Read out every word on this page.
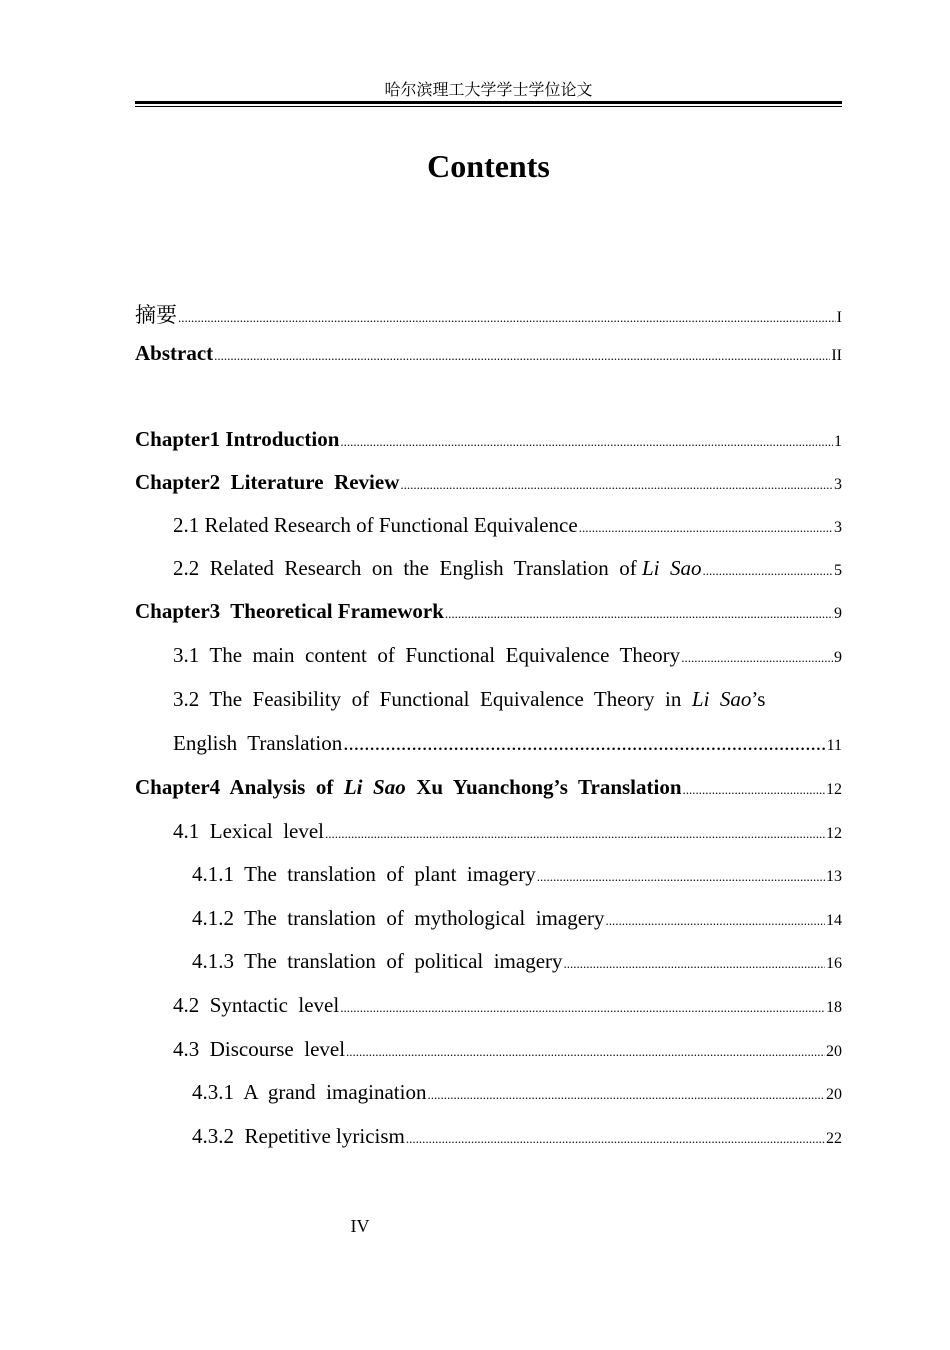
哈尔滨理工大学学士学位论文
Contents
摘要 .....	I
Abstract .....	II
Chapter1 Introduction .....	1
Chapter2  Literature  Review .....	3
2.1 Related Research of Functional Equivalence .....	3
2.2  Related  Research  on  the  English  Translation  of Li  Sao .....	5
Chapter3  Theoretical Framework .....	9
3.1  The  main  content  of  Functional  Equivalence  Theory .....	9
3.2  The  Feasibility  of  Functional  Equivalence  Theory  in  Li  Sao’s
English  Translation .....	11
Chapter4  Analysis  of  Li  Sao  Xu  Yuanchong’s  Translation .....	12
4.1  Lexical  level .....	12
4.1.1  The  translation  of  plant  imagery .....	13
4.1.2  The  translation  of  mythological  imagery .....	14
4.1.3  The  translation  of  political  imagery .....	16
4.2  Syntactic  level .....	18
4.3  Discourse  level .....	20
4.3.1  A  grand  imagination .....	20
4.3.2  Repetitive lyricism .....	22
IV
